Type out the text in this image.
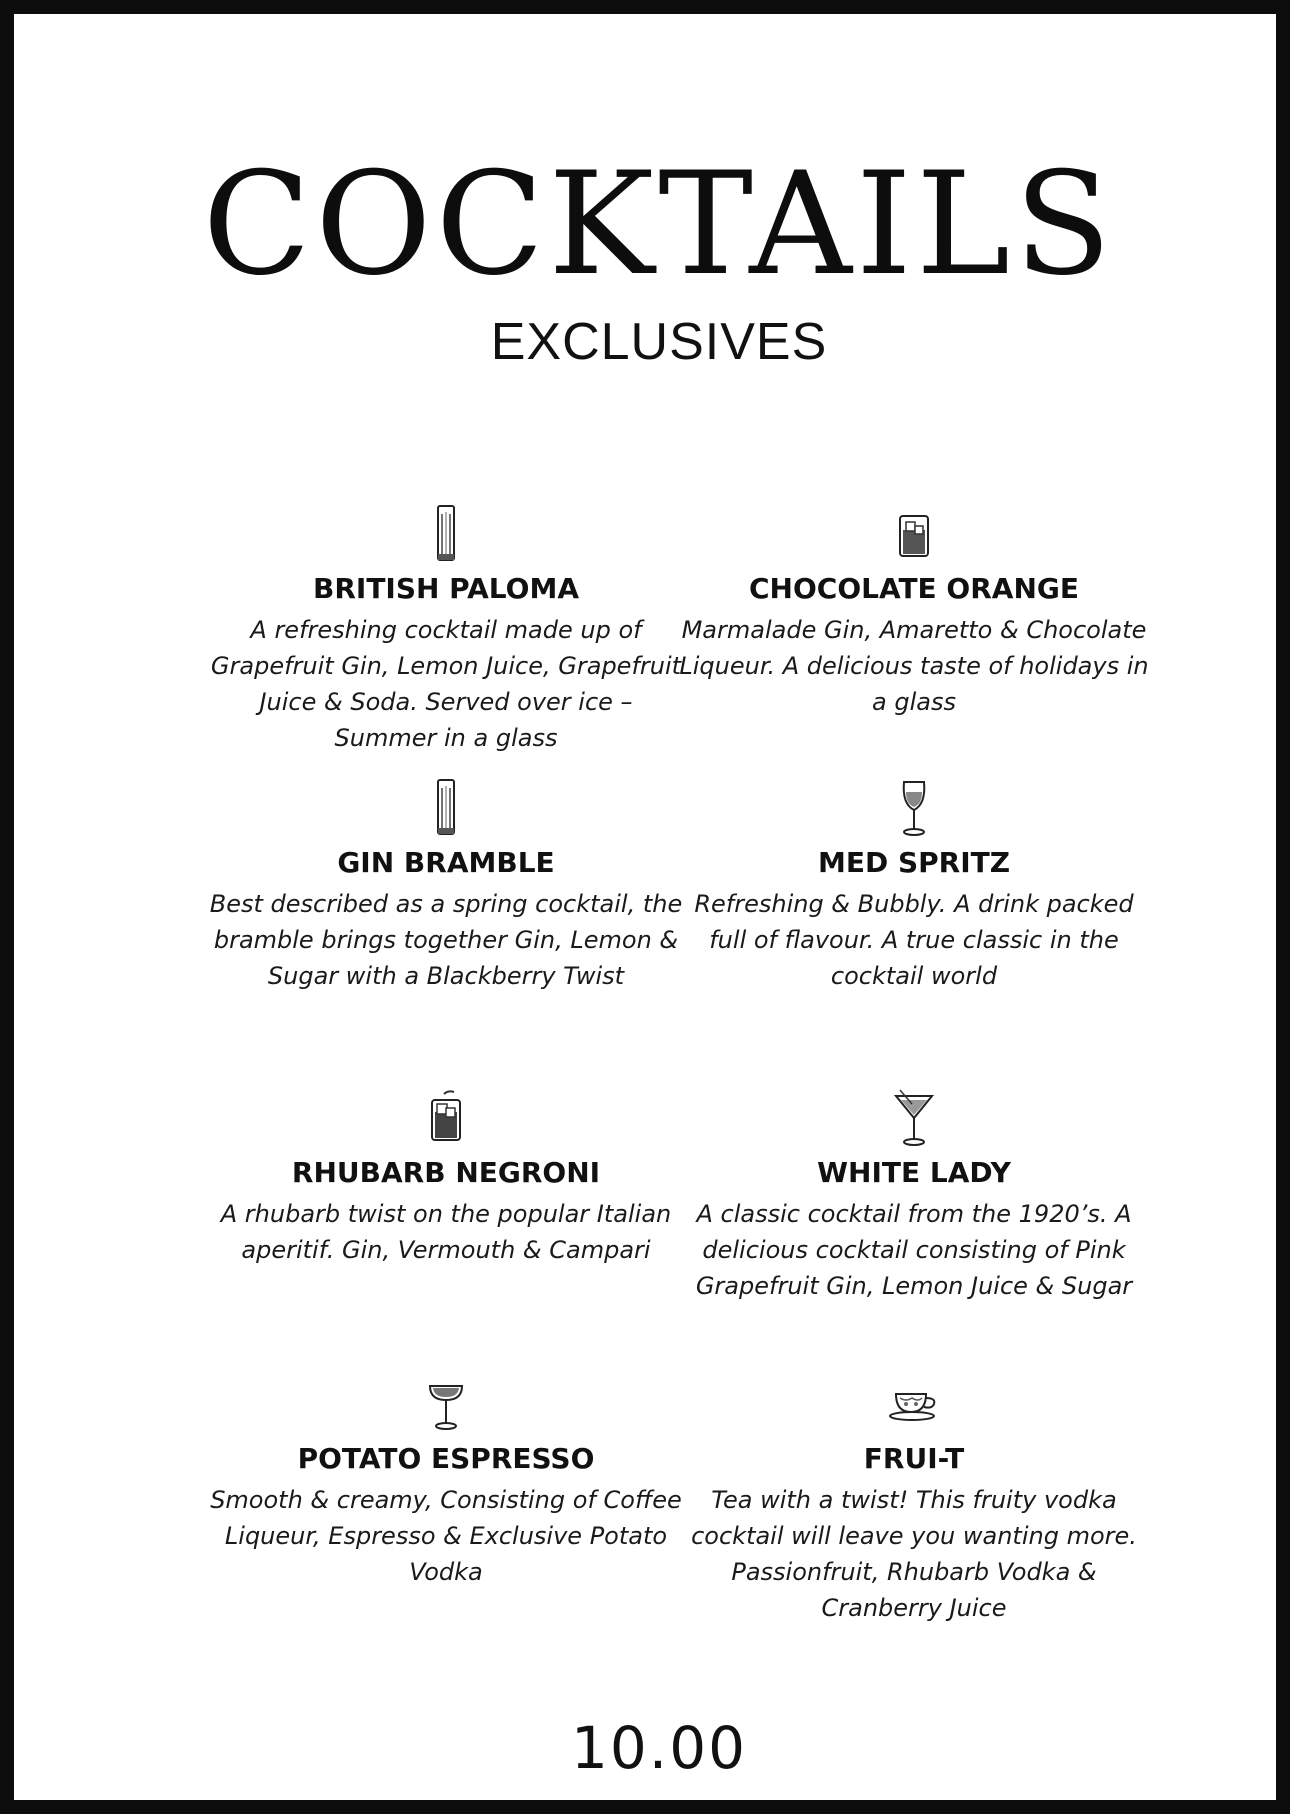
COCKTAILS
EXCLUSIVES
BRITISH PALOMA

A refreshing cocktail made up of Grapefruit Gin, Lemon Juice, Grapefruit Juice & Soda. Served over ice – Summer in a glass

CHOCOLATE ORANGE

Marmalade Gin, Amaretto & Chocolate Liqueur. A delicious taste of holidays in a glass

GIN BRAMBLE

Best described as a spring cocktail, the bramble brings together Gin, Lemon & Sugar with a Blackberry Twist

MED SPRITZ

Refreshing & Bubbly. A drink packed full of flavour. A true classic in the cocktail world

RHUBARB NEGRONI

A rhubarb twist on the popular Italian aperitif. Gin, Vermouth & Campari

WHITE LADY

A classic cocktail from the 1920’s. A delicious cocktail consisting of Pink Grapefruit Gin, Lemon Juice & Sugar

POTATO ESPRESSO

Smooth & creamy, Consisting of Coffee Liqueur, Espresso & Exclusive Potato Vodka

FRUI-T

Tea with a twist! This fruity vodka cocktail will leave you wanting more. Passionfruit, Rhubarb Vodka & Cranberry Juice

10.00
